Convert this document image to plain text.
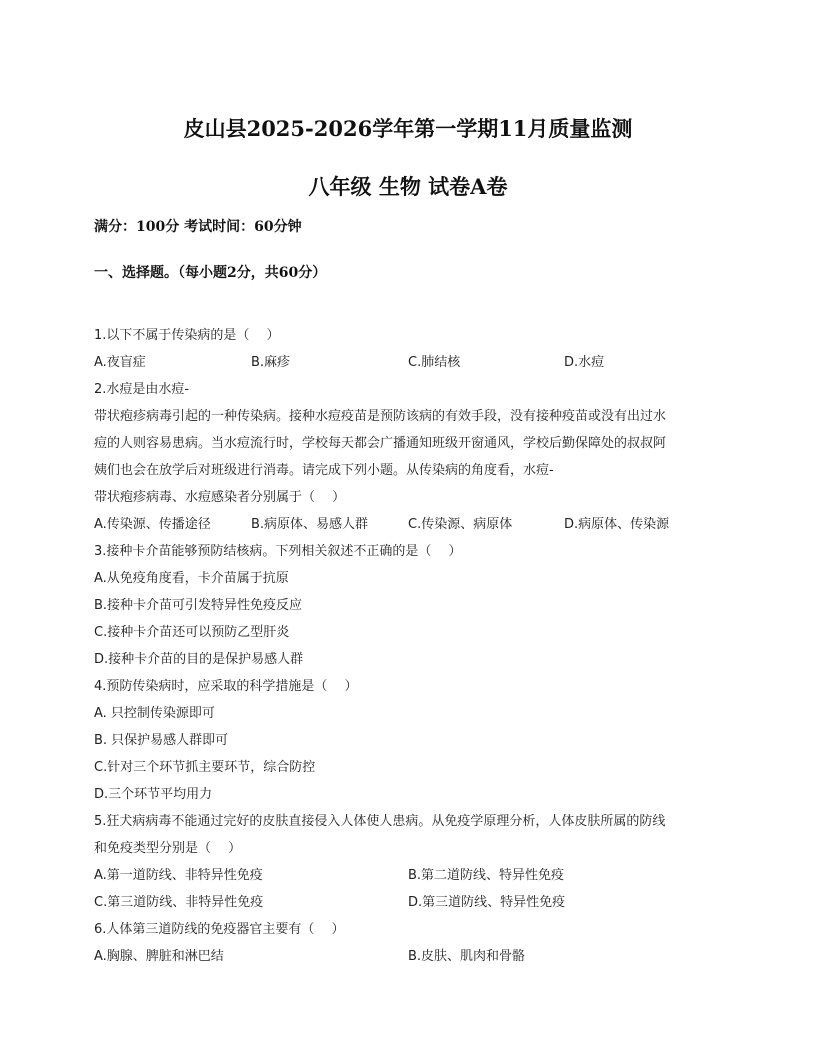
皮山县2025-2026学年第一学期11月质量监测
八年级 生物 试卷A卷
满分：100分 考试时间：60分钟
一、选择题。（每小题2分，共60分）
1.以下不属于传染病的是（　 ）
A.夜盲症	B.麻疹	C.肺结核	D.水痘
2.水痘是由水痘-
带状疱疹病毒引起的一种传染病。接种水痘疫苗是预防该病的有效手段，没有接种疫苗或没有出过水
痘的人则容易患病。当水痘流行时，学校每天都会广播通知班级开窗通风，学校后勤保障处的叔叔阿
姨们也会在放学后对班级进行消毒。请完成下列小题。从传染病的角度看，水痘-
带状疱疹病毒、水痘感染者分别属于（　 ）
A.传染源、传播途径	B.病原体、易感人群	C.传染源、病原体	D.病原体、传染源
3.接种卡介苗能够预防结核病。下列相关叙述不正确的是（　 ）
A.从免疫角度看，卡介苗属于抗原
B.接种卡介苗可引发特异性免疫反应
C.接种卡介苗还可以预防乙型肝炎
D.接种卡介苗的目的是保护易感人群
4.预防传染病时，应采取的科学措施是（　 ）
A. 只控制传染源即可
B. 只保护易感人群即可
C.针对三个环节抓主要环节，综合防控
D.三个环节平均用力
5.狂犬病病毒不能通过完好的皮肤直接侵入人体使人患病。从免疫学原理分析，人体皮肤所属的防线
和免疫类型分别是（　 ）
A.第一道防线、非特异性免疫	B.第二道防线、特异性免疫
C.第三道防线、非特异性免疫	D.第三道防线、特异性免疫
6.人体第三道防线的免疫器官主要有（　 ）
A.胸腺、脾脏和淋巴结	B.皮肤、肌肉和骨骼
